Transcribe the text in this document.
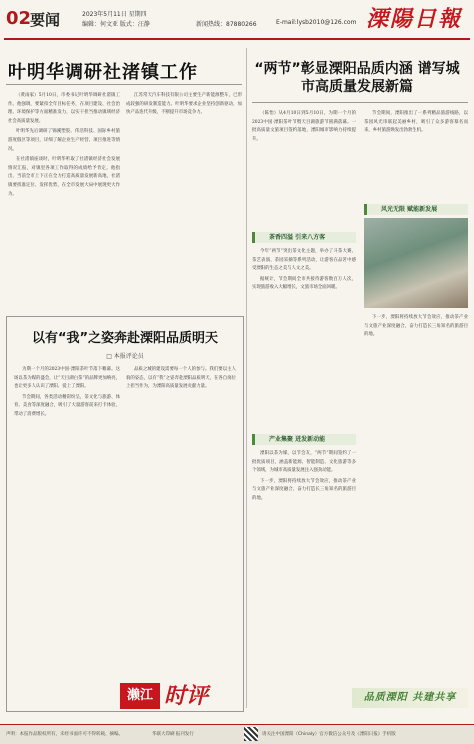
02
要闻	2023年5月11日 星期四
编辑：何文亚 版式：汪静	新闻热线：87880266	E-mail:lysb2010@126.com 溧陽日報
叶明华调研社渚镇工作

（黄雨家）5月10日，市委书记叶明华调研社渚镇工作。他强调，要紧扣全年目标任务，在项目建设、社会治理、环境保护等方面精准发力，以实干担当推动镇域经济社会高质量发展。

叶明华先后调研了锦溪塑胶、伟浩科技、国际乡村旅游度假区等项目，详细了解企业生产经营、项目推进等情况。

在社渚镇座谈时，叶明华听取了社渚镇经济社会发展情况汇报，对镇里各项工作取得的成绩给予肯定。他指出，当前全市上下正在全力打造高质量发展新高地，社渚镇要找准定位、发挥优势，在全市发展大局中展现更大作为。

江苏常天汽车科技有限公司主要生产新能源整车，已形成较强的研发制造能力。叶明华要求企业坚持创新驱动，加快产品迭代升级，不断提升市场竞争力。

以有“我”之姿奔赴溧阳品质明天
□ 本报评论员

为期一个月的2023中国·溧阳茶叶节落下帷幕。这场以茶为媒的盛会，让“天目湖白茶”的品牌更加响亮，也让更多人认识了溧阳、爱上了溧阳。

节会期间，各类活动精彩纷呈，茶文化与旅游、体育、美食等深度融合，吸引了大量游客前来打卡体验，带动了消费增长。

品质之城的建设需要每一个人的参与。我们要以主人翁的姿态，以有“我”之姿奔赴溧阳品质明天，在各自岗位上担当作为，为溧阳高质量发展贡献力量。

濑江 时评
“两节”彰显溧阳品质内涵 谱写城市高质量发展新篇

（陈怡）从4月10日到5月10日，为期一个月的2023中国·溧阳茶叶节暨天目湖旅游节圆满落幕。一批高质量文旅项目签约落地，溧阳城市影响力持续提升。

茶香四溢 引来八方客

今年“两节”突出茶文化主题，举办了斗茶大赛、茶艺表演、茶园采摘等系列活动，让游客在品茗中感受溧阳的生态之美与人文之美。

据统计，节会期间全市共接待游客数百万人次，实现旅游收入大幅增长，文旅市场全面回暖。

产业集聚 迸发新动能

溧阳以茶为媒、以节会友，“两节”期间签约了一批优质项目，涵盖新能源、智能制造、文化旅游等多个领域，为城市高质量发展注入强劲动能。

下一步，溧阳将持续放大节会效应，推动茶产业与文旅产业深度融合，奋力打造长三角知名的旅游目的地。

节会期间，溧阳推出了一系列精品旅游线路，以茶园风光串联起美丽乡村，吸引了众多游客慕名而来，乡村旅游焕发出勃勃生机。

风光无限 赋能新发展

下一步，溧阳将持续放大节会效应，推动茶产业与文旅产业深度融合，奋力打造长三角知名的旅游目的地。

品质溧阳 共建共享
声明：本报作品版权所有，未经书面许可不得转载、摘编。	请关注中国溧阳（Chinaly）官方微信公众号及《溧阳日报》手机版
华联大印刷 报刊发行
